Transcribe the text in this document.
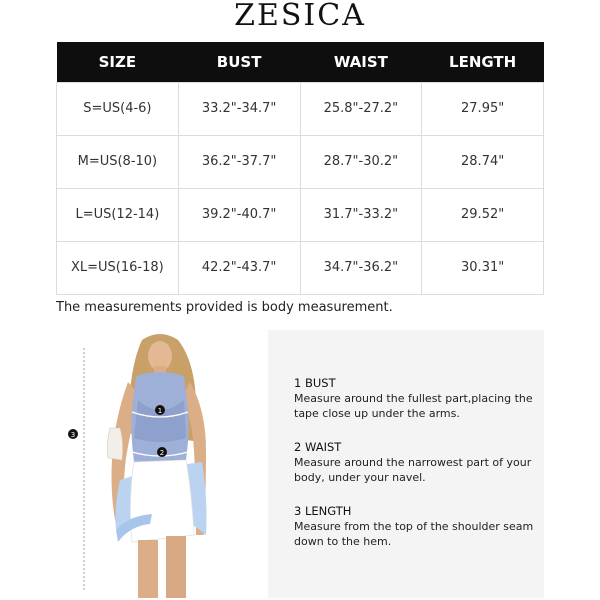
ZESICA
SIZE	BUST	WAIST	LENGTH
S=US(4-6)	33.2"-34.7"	25.8"-27.2"	27.95"
M=US(8-10)	36.2"-37.7"	28.7"-30.2"	28.74"
L=US(12-14)	39.2"-40.7"	31.7"-33.2"	29.52"
XL=US(16-18)	42.2"-43.7"	34.7"-36.2"	30.31"
The measurements provided is body measurement.
1
2
3
1 BUST
Measure around the fullest part,placing the tape close up under the arms.
2 WAIST
Measure around the narrowest part of your body, under your navel.
3 LENGTH
Measure from the top of the shoulder seam down to the hem.
